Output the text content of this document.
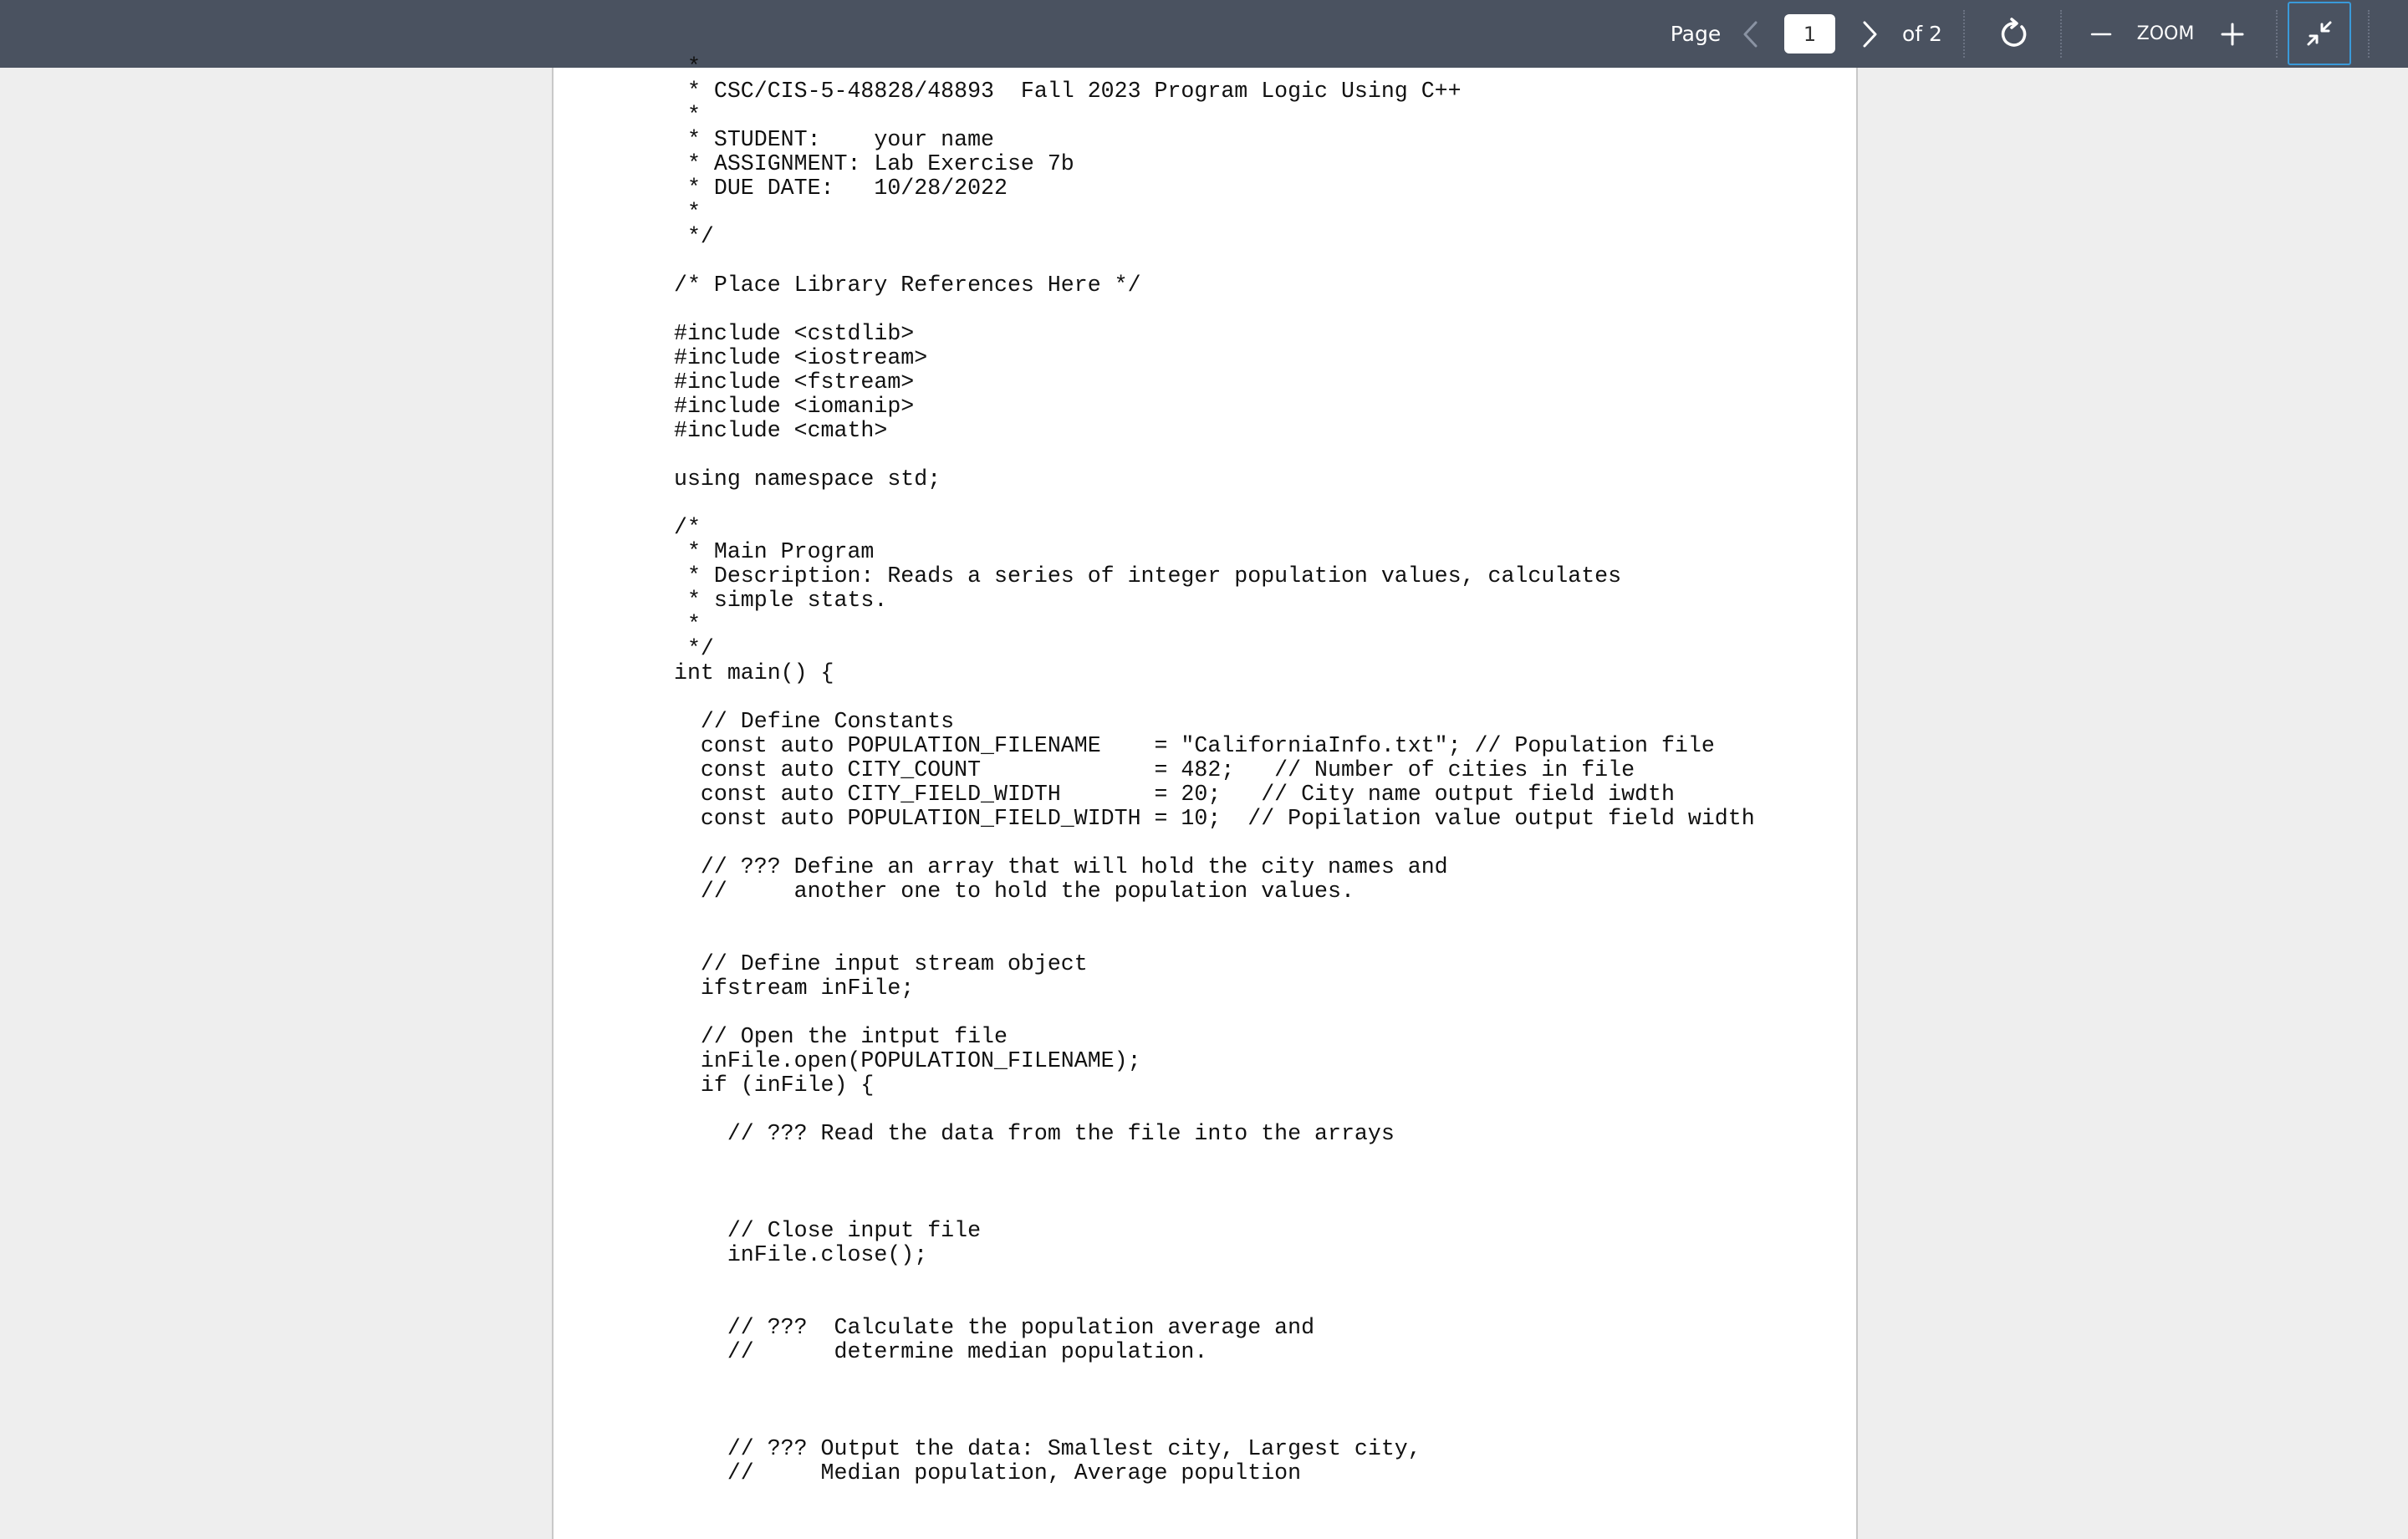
Page
1	of 2	ZOOM
*
* CSC/CIS-5-48828/48893  Fall 2023 Program Logic Using C++
*
* STUDENT:    your name
* ASSIGNMENT: Lab Exercise 7b
* DUE DATE:   10/28/2022
*
*/
/* Place Library References Here */
#include <cstdlib>
#include <iostream>
#include <fstream>
#include <iomanip>
#include <cmath>
using namespace std;
/*
* Main Program
* Description: Reads a series of integer population values, calculates
* simple stats.
*
*/
int main() {
// Define Constants
const auto POPULATION_FILENAME    = "CaliforniaInfo.txt"; // Population file
const auto CITY_COUNT             = 482;   // Number of cities in file
const auto CITY_FIELD_WIDTH       = 20;   // City name output field iwdth
const auto POPULATION_FIELD_WIDTH = 10;  // Popilation value output field width
// ??? Define an array that will hold the city names and
//     another one to hold the population values.
// Define input stream object
ifstream inFile;
// Open the intput file
inFile.open(POPULATION_FILENAME);
if (inFile) {
// ??? Read the data from the file into the arrays
// Close input file
inFile.close();
// ???  Calculate the population average and
//      determine median population.
// ??? Output the data: Smallest city, Largest city,
//     Median population, Average popultion
